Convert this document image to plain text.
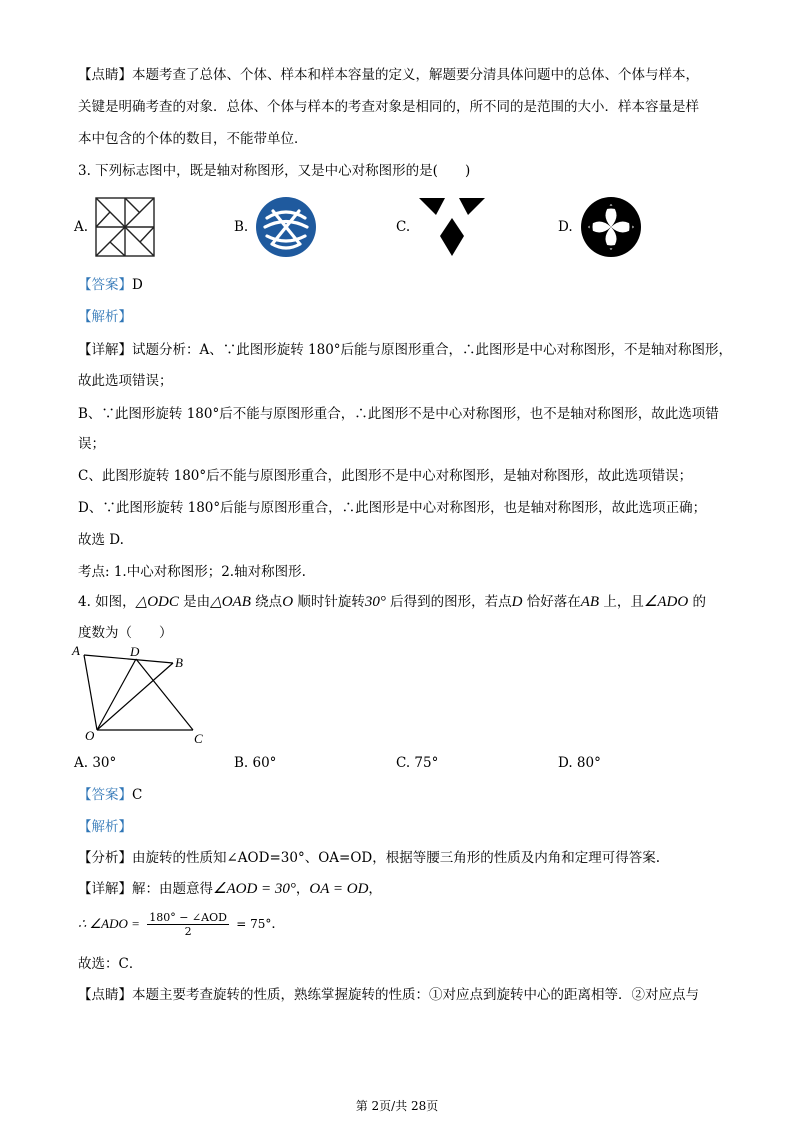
【点睛】本题考查了总体、个体、样本和样本容量的定义，解题要分清具体问题中的总体、个体与样本，
关键是明确考查的对象．总体、个体与样本的考查对象是相同的，所不同的是范围的大小．样本容量是样
本中包含的个体的数目，不能带单位．
3. 下列标志图中，既是轴对称图形，又是中心对称图形的是(　　)
A.	B.	C.	D.
【答案】D
【解析】
【详解】试题分析：A、∵此图形旋转 180°后能与原图形重合，∴此图形是中心对称图形，不是轴对称图形，
故此选项错误；
B、∵此图形旋转 180°后不能与原图形重合，∴此图形不是中心对称图形，也不是轴对称图形，故此选项错
误；
C、此图形旋转 180°后不能与原图形重合，此图形不是中心对称图形，是轴对称图形，故此选项错误；
D、∵此图形旋转 180°后能与原图形重合，∴此图形是中心对称图形，也是轴对称图形，故此选项正确；
故选 D.
考点: 1.中心对称图形；2.轴对称图形.
4. 如图，△ODC 是由△OAB 绕点O 顺时针旋转30° 后得到的图形，若点D 恰好落在AB 上，且∠ADO 的
度数为（　　）
A	D
B
O	C
A. 30°	B. 60°	C. 75°	D. 80°
【答案】C
【解析】
【分析】由旋转的性质知∠AOD=30°、OA=OD，根据等腰三角形的性质及内角和定理可得答案.
【详解】解：由题意得∠AOD = 30°，OA = OD，
∴ ∠ADO = $\frac{\text{180° − ∠AOD}}{2} = 75^\circ$．
故选：C．
【点睛】本题主要考查旋转的性质，熟练掌握旋转的性质：①对应点到旋转中心的距离相等．②对应点与
第 2页/共 28页
